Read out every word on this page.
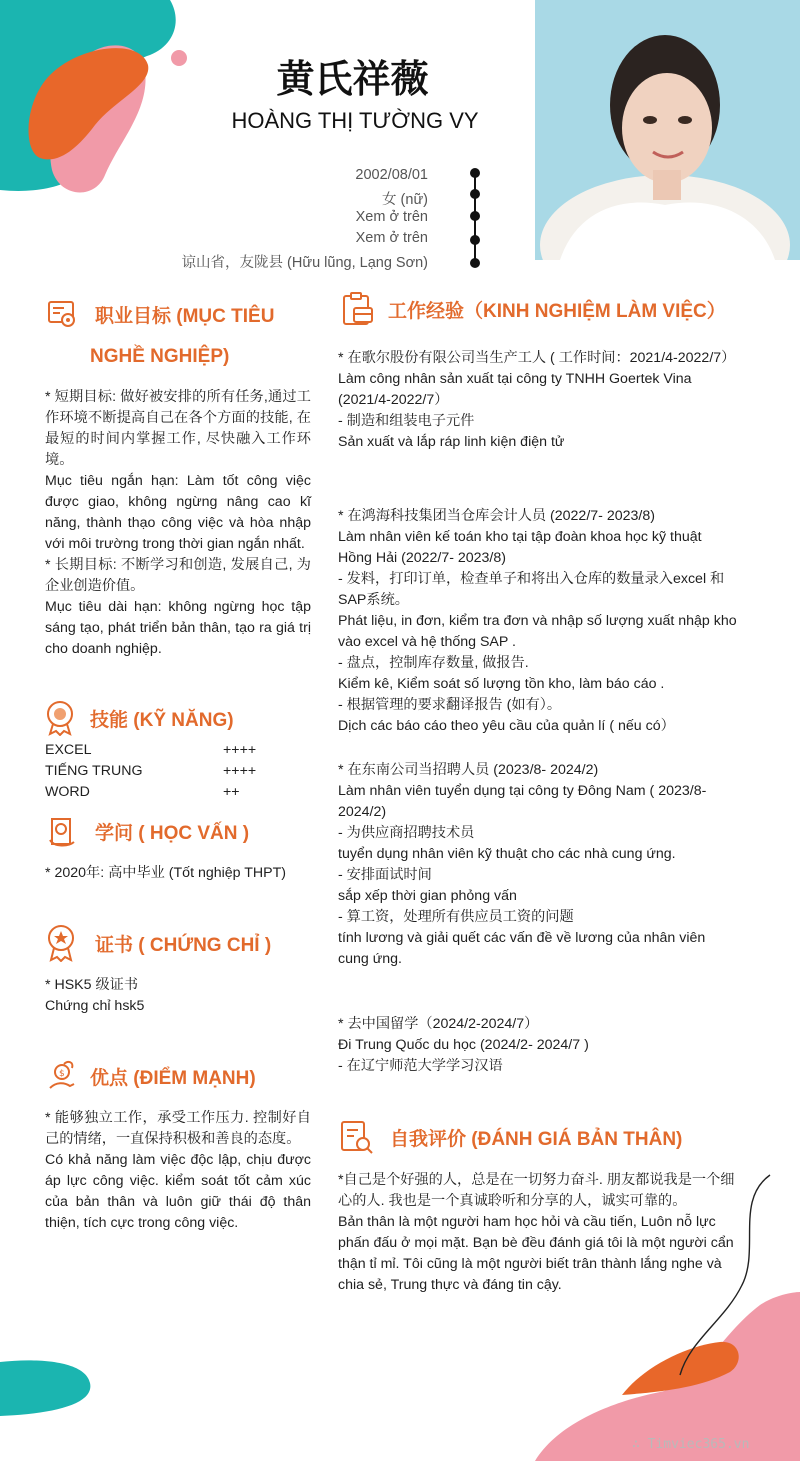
黄氏祥薇
HOÀNG THỊ TƯỜNG VY
2002/08/01
女 (nữ)
Xem ở trên
Xem ở trên
谅山省，友陇县 (Hữu lũng, Lạng Sơn)
职业目标 (MỤC TIÊU
NGHỀ NGHIỆP)

* 短期目标: 做好被安排的所有任务,通过工作环境不断提高自己在各个方面的技能, 在最短的时间内掌握工作, 尽快融入工作环境。

Mục tiêu ngắn hạn: Làm tốt công việc được giao, không ngừng nâng cao kĩ năng, thành thạo công việc và hòa nhập với môi trường trong thời gian ngắn nhất.

* 长期目标: 不断学习和创造, 发展自己, 为企业创造价值。

Mục tiêu dài hạn: không ngừng học tập sáng tạo, phát triển bản thân, tạo ra giá trị cho doanh nghiệp.

技能 (KỸ NĂNG)
EXCEL	++++
TIẾNG TRUNG	++++
WORD	++
学问 ( HỌC VẤN )

* 2020年: 高中毕业 (Tốt nghiệp THPT)

证书 ( CHỨNG CHỈ )

* HSK5 级证书

Chứng chỉ hsk5

$ 优点 (ĐIỂM MẠNH)

* 能够独立工作，承受工作压力. 控制好自己的情绪，一直保持积极和善良的态度。

Có khả năng làm việc độc lập, chịu được áp lực công việc. kiểm soát tốt cảm xúc của bản thân và luôn giữ thái độ thân thiện, tích cực trong công việc.

工作经验（KINH NGHIỆM LÀM VIỆC）

* 在歌尔股份有限公司当生产工人 ( 工作时间：2021/4-2022/7）

Làm công nhân sản xuất tại công ty TNHH Goertek Vina (2021/4-2022/7）

- 制造和组装电子元件

Sản xuất và lắp ráp linh kiện điện tử

* 在鸿海科技集团当仓库会计人员 (2022/7- 2023/8)

Làm nhân viên kế toán kho tại tập đoàn khoa học kỹ thuật Hồng Hải (2022/7- 2023/8)

- 发料，打印订单，检查单子和将出入仓库的数量录入excel 和SAP系统。

Phát liệu, in đơn, kiểm tra đơn và nhập số lượng xuất nhập kho vào excel và hệ thống SAP .

- 盘点，控制库存数量, 做报告.

Kiểm kê, Kiểm soát số lượng tồn kho, làm báo cáo .

- 根据管理的要求翻译报告 (如有）。

Dịch các báo cáo theo yêu cầu của quản lí ( nếu có）

* 在东南公司当招聘人员 (2023/8- 2024/2)

Làm nhân viên tuyển dụng tại công ty Đông Nam ( 2023/8- 2024/2)

- 为供应商招聘技术员

tuyển dụng nhân viên kỹ thuật cho các nhà cung ứng.

- 安排面试时间

sắp xếp thời gian phỏng vấn

- 算工资，处理所有供应员工资的问题

tính lương và giải quết các vấn đề về lương của nhân viên cung ứng.

* 去中国留学（2024/2-2024/7）

Đi Trung Quốc du học (2024/2- 2024/7 )

- 在辽宁师范大学学习汉语

自我评价 (ĐÁNH GIÁ BẢN THÂN)

*自己是个好强的人，总是在一切努力奋斗. 朋友都说我是一个细心的人. 我也是一个真诚聆听和分享的人，诚实可靠的。

Bản thân là một người ham học hỏi và cầu tiến, Luôn nỗ lực phấn đấu ở mọi mặt. Bạn bè đều đánh giá tôi là một người cẩn thận tỉ mỉ. Tôi cũng là một người biết trân thành lắng nghe và chia sẻ, Trung thực và đáng tin cậy.

∴ Timviec365.vn
